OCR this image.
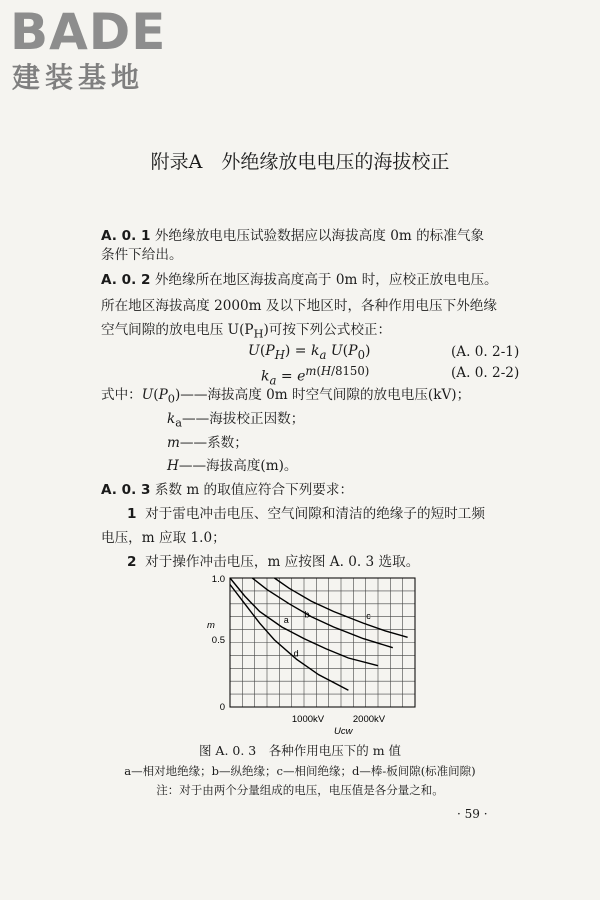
BADE
建装基地
附录A　外绝缘放电电压的海拔校正
A. 0. 1 外绝缘放电电压试验数据应以海拔高度 0m 的标准气象
条件下给出。
A. 0. 2 外绝缘所在地区海拔高度高于 0m 时，应校正放电电压。
所在地区海拔高度 2000m 及以下地区时，各种作用电压下外绝缘
空气间隙的放电电压 $U(P_H)$可按下列公式校正：
$U(P_H) = k_a$ $U(P_0)$	(A. 0. 2-1)
$k_a = e^{m(H/8150)}$	(A. 0. 2-2)
式中：$U(P_0)——$海拔高度 0m 时空气间隙的放电电压(kV)；
$k_a——$海拔校正因数；
m——系数；
H——海拔高度(m)。
A. 0. 3 系数 m 的取值应符合下列要求：
1 对于雷电冲击电压、空气间隙和清洁的绝缘子的短时工频
电压，m 应取 1.0；
2 对于操作冲击电压，m 应按图 A. 0. 3 选取。
a
b	c
d
1.0
0.5
0
m
1000kV	2000kV
Ucw
图 A. 0. 3　各种作用电压下的 m 值
a—相对地绝缘；b—纵绝缘；c—相间绝缘；d—棒-板间隙(标准间隙)
注：对于由两个分量组成的电压，电压值是各分量之和。
· 59 ·
